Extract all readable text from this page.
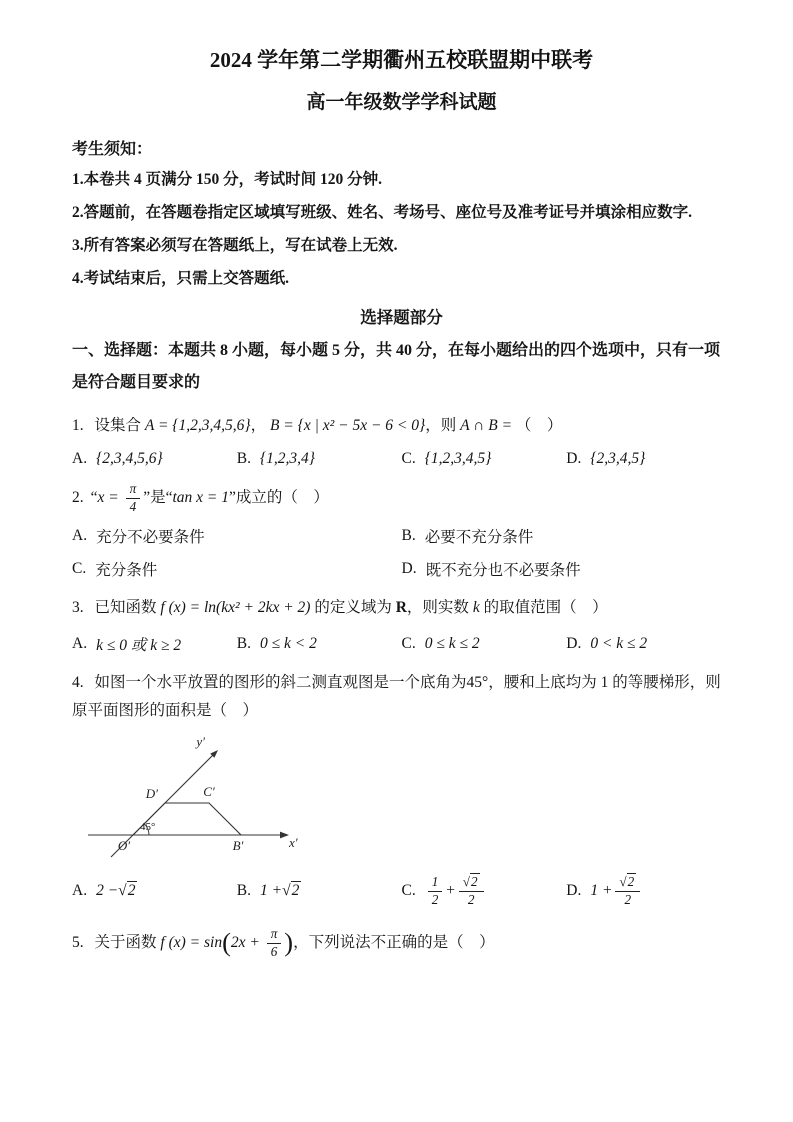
2024 学年第二学期衢州五校联盟期中联考
高一年级数学学科试题

考生须知：

1.本卷共 4 页满分 150 分，考试时间 120 分钟.

2.答题前，在答题卷指定区域填写班级、姓名、考场号、座位号及准考证号并填涂相应数字.

3.所有答案必须写在答题纸上，写在试卷上无效.

4.考试结束后，只需上交答题纸.

选择题部分

一、选择题：本题共 8 小题，每小题 5 分，共 40 分，在每小题给出的四个选项中，只有一项是符合题目要求的

1. 设集合 A = {1,2,3,4,5,6}， B = {x | x² − 5x − 6 < 0}，则 A ∩ B = （　）

A. {2,3,4,5,6}	B. {1,2,3,4}	C. {1,2,3,4,5}	D. {2,3,4,5}

2. “$x = \frac{\pi}{4}$ ”是“tan x = 1”成立的（　）

A. 充分不必要条件	B. 必要不充分条件
C. 充分条件	D. 既不充分也不必要条件

3. 已知函数 f (x) = ln(kx² + 2kx + 2) 的定义域为 R，则实数 k 的取值范围（　）

A. k ≤ 0 或 k ≥ 2	B. 0 ≤ k < 2	C. 0 ≤ k ≤ 2	D. 0 < k ≤ 2

4. 如图一个水平放置的图形的斜二测直观图是一个底角为45°，腰和上底均为 1 的等腰梯形，则原平面图形的面积是（　）

y′
x′
D′	C′
O′	B′
45°
A. 2 − √2	B. 1 + √2	C. $\frac{1}{2} + \frac{√2}{2}$	D. $1 + \frac{√2}{2}$

5. 关于函数 f $(x) = \sin(2x + \frac{\pi}{6}$ )，下列说法不正确的是（　）
